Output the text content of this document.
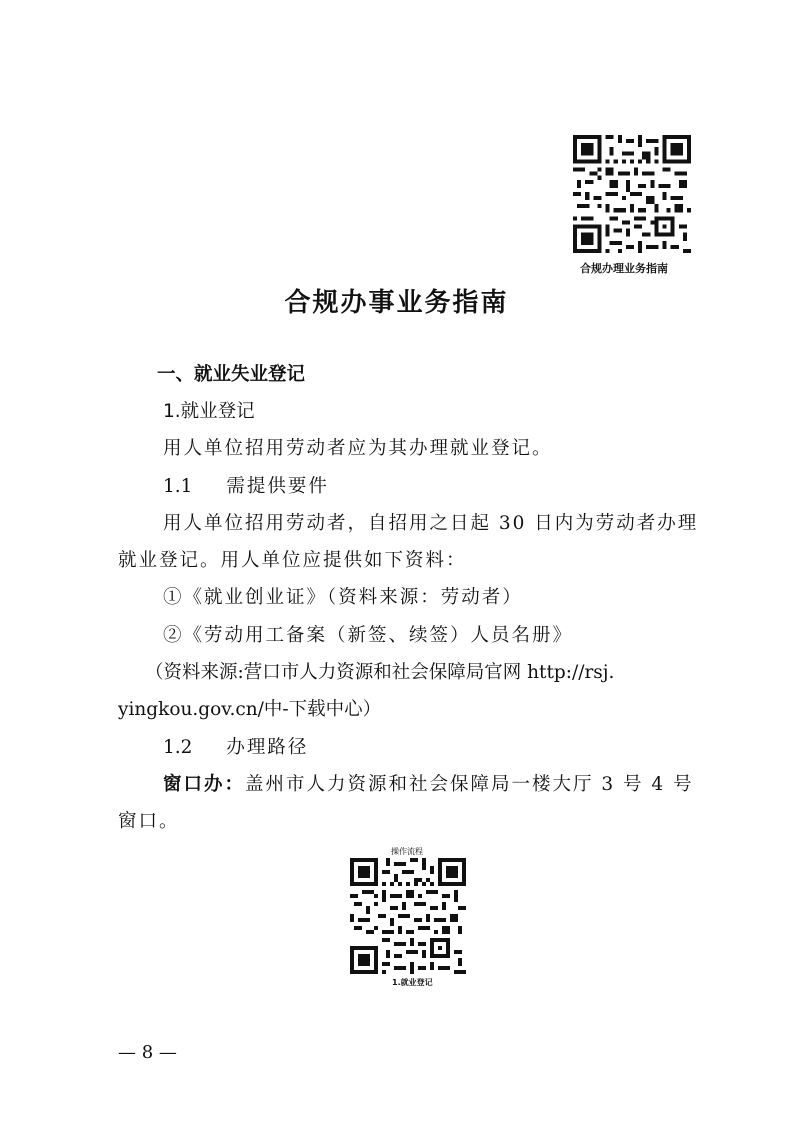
合规办理业务指南
合规办事业务指南
一、就业失业登记
1.就业登记
用人单位招用劳动者应为其办理就业登记。
1.1 需提供要件
用人单位招用劳动者，自招用之日起 30 日内为劳动者办理
就业登记。用人单位应提供如下资料：
①《就业创业证》（资料来源：劳动者）
②《劳动用工备案（新签、续签）人员名册》
（资料来源:营口市人力资源和社会保障局官网 http://rsj.
yingkou.gov.cn/中-下载中心）
1.2 办理路径
窗口办：盖州市人力资源和社会保障局一楼大厅 3 号 4 号
窗口。
操作流程
1.就业登记
— 8 —
